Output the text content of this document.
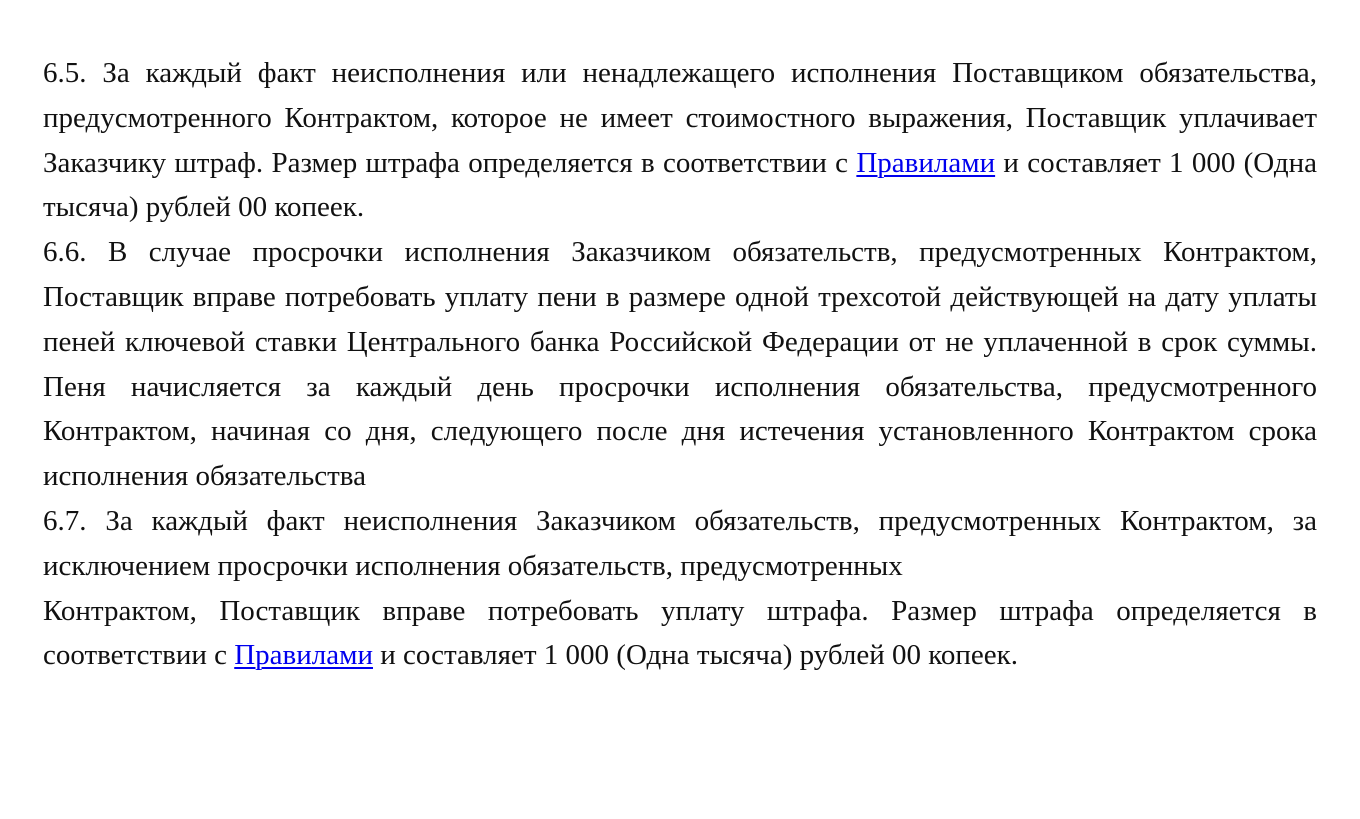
6.5. За каждый факт неисполнения или ненадлежащего исполнения Поставщиком обязательства, предусмотренного Контрактом, которое не имеет стоимостного выражения, Поставщик уплачивает Заказчику штраф. Размер штрафа определяется в соответствии с Правилами и составляет 1 000 (Одна тысяча) рублей 00 копеек.

6.6. В случае просрочки исполнения Заказчиком обязательств, предусмотренных Контрактом, Поставщик вправе потребовать уплату пени в размере одной трехсотой действующей на дату уплаты пеней ключевой ставки Центрального банка Российской Федерации от не уплаченной в срок суммы. Пеня начисляется за каждый день просрочки исполнения обязательства, предусмотренного Контрактом, начиная со дня, следующего после дня истечения установленного Контрактом срока исполнения обязательства

6.7. За каждый факт неисполнения Заказчиком обязательств, предусмотренных Контрактом, за исключением просрочки исполнения обязательств, предусмотренных

Контрактом, Поставщик вправе потребовать уплату штрафа. Размер штрафа определяется в соответствии с Правилами и составляет 1 000 (Одна тысяча) рублей 00 копеек.
